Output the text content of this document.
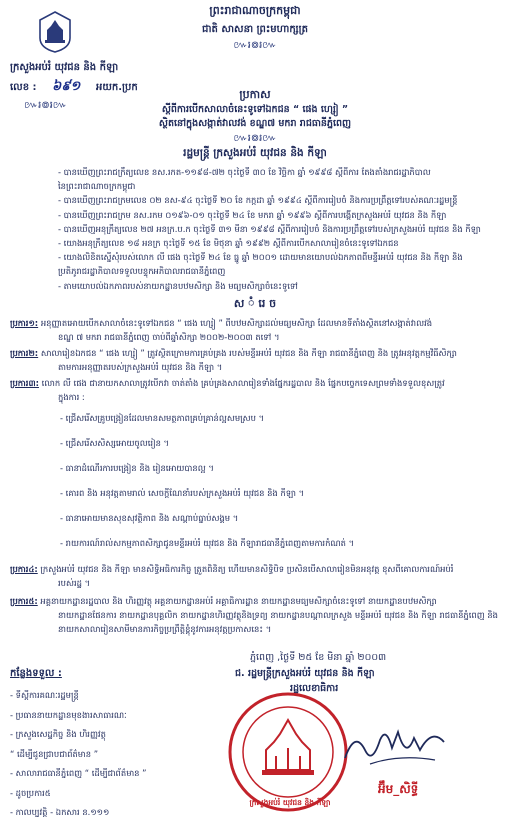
ព្រះរាជាណាចក្រកម្ពុជា
ជាតិ សាសនា ព្រះមហាក្សត្រ
៚៛៙៛៚
ក្រសួងអប់រំ យុវជន និង កីឡា
លេខ : ៦៩១ អយក.ប្រក
៚៛៙៛៚
ប្រកាស
ស្តីពីការបើកសាលាចំនេះទូទៅឯកជន “ ផេង ហ្សៀ ”
ស្ថិតនៅក្នុងសង្កាត់វាលវង់ ខណ្ឌ៧ មករា រាជធានីភ្នំពេញ
៚៛៙៛៚
រដ្ឋមន្ត្រី ក្រសួងអប់រំ យុវជន និង កីឡា
- បានឃើញព្រះរាជក្រឹត្យលេខ នស.រកត-១១៩៨-៧២ ចុះថ្ងៃទី ៣០ ខែ វិច្ឆិកា ឆ្នាំ ១៩៩៨ ស្តីពីការ តែងតាំងរាជរដ្ឋាភិបាល
នៃព្រះរាជាណាចក្រកម្ពុជា
- បានឃើញព្រះរាជក្រមលេខ ០២ នស-៩៤ ចុះថ្ងៃទី ២០ ខែ កក្កដា ឆ្នាំ ១៩៩៤ ស្តីពីការរៀបចំ និងការប្រព្រឹត្តទៅរបស់គណៈរដ្ឋមន្ត្រី
- បានឃើញព្រះរាជក្រម នស.រកម ០១៩៦-០១ ចុះថ្ងៃទី ២៤ ខែ មករា ឆ្នាំ ១៩៩៦ ស្តីពីការបង្កើតក្រសួងអប់រំ យុវជន និង កីឡា
- បានឃើញអនុក្រឹត្យលេខ ២៧ អនក្រ.ប.ក ចុះថ្ងៃទី ៣១ មីនា ១៩៩៨ ស្តីពីការរៀបចំ និងការប្រព្រឹត្តទៅរបស់ក្រសួងអប់រំ យុវជន និង កីឡា
- យោងអនុក្រឹត្យលេខ ១៨ អនក្រ ចុះថ្ងៃទី ១៥ ខែ មិថុនា ឆ្នាំ ១៩៩២ ស្តីពីការបើកសាលារៀនចំនេះទូទៅឯកជន
- យោងលិខិតស្នើសុំរបស់លោក លី ផេង ចុះថ្ងៃទី ២៤ ខែ ធ្នូ ឆ្នាំ ២០០១ ដោយមានយោបល់ឯកភាពពីមន្ទីរអប់រំ យុវជន និង កីឡា និង
ប្រតិភូរាជរដ្ឋាភិបាលទទួលបន្ទុកអភិបាលរាជធានីភ្នំពេញ
- តាមយោបល់ឯកភាពរបស់នាយកដ្ឋានបឋមសិក្សា និង មធ្យមសិក្សាចំនេះទូទៅ
ស ំ រេ ច
ប្រការ១: អនុញ្ញាតអោយបើកសាលាចំនេះទូទៅឯកជន “ ផេង ហ្សៀ ” ពីបឋមសិក្សាដល់មធ្យមសិក្សា ដែលមានទីតាំងស្ថិតនៅសង្កាត់វាលវង់
ខណ្ឌ ៧ មករា រាជធានីភ្នំពេញ ចាប់ពីឆ្នាំសិក្សា ២០០២-២០០៣ តទៅ ។
ប្រការ២: សាលារៀនឯកជន “ ផេង ហ្សៀ ” ត្រូវស្ថិតក្រោមការគ្រប់គ្រង របស់មន្ទីរអប់រំ យុវជន និង កីឡា រាជធានីភ្នំពេញ និង ត្រូវអនុវត្តកម្មវិធីសិក្សា
តាមការអនុញ្ញាតរបស់ក្រសួងអប់រំ យុវជន និង កីឡា ។
ប្រការ៣: លោក លី ផេង ជានាយកសាលាត្រូវបើកវា ចាត់តាំង គ្រប់គ្រងសាលារៀនទាំងផ្នែករដ្ឋបាល និង ផ្នែកបច្ចេកទេសព្រមទាំងទទួលខុសត្រូវ
ក្នុងការ :
- ជ្រើសរើសគ្រូបង្រៀនដែលមានសមត្ថភាពគ្រប់គ្រាន់ល្អសមស្រប ។
- ជ្រើសរើសសិស្សអោយចូលរៀន ។
- ធានាដំណើរការបង្រៀន និង រៀនអោយបានល្អ ។
- គោរព និង អនុវត្តតាមរាល់ សេចក្តីណែនាំរបស់ក្រសួងអប់រំ យុវជន និង កីឡា ។
- ធានាអោយមានសុខសុវត្ថិភាព និង សណ្តាប់ធ្នាប់សង្គម ។
- រាយការណ៍រាល់សកម្មភាពសិក្សាជូនមន្ទីរអប់រំ យុវជន និង កីឡារាជធានីភ្នំពេញតាមការកំណត់ ។
ប្រការ៤: ក្រសួងអប់រំ យុវជន និង កីឡា មានសិទ្ធិអធិការកិច្ច ត្រួតពិនិត្យ ហើយមានសិទ្ធិបិទ ប្រសិនបើសាលារៀនមិនអនុវត្ត ខុសពីគោលការណ៍អប់រំ
របស់រដ្ឋ ។
ប្រការ៥: អគ្គនាយកដ្ឋានរដ្ឋបាល និង ហិរញ្ញវត្ថុ អគ្គនាយកដ្ឋានអប់រំ អគ្គាធិការដ្ឋាន នាយកដ្ឋានមធ្យមសិក្សាចំនេះទូទៅ នាយកដ្ឋានបឋមសិក្សា
នាយកដ្ឋានផែនការ នាយកដ្ឋានបុគ្គលិក នាយកដ្ឋានហិរញ្ញវត្ថុនិងទ្រព្យ នាយកដ្ឋានបណ្តាលក្រសួង មន្ទីរអប់រំ យុវជន និង កីឡា រាជធានីភ្នំពេញ និង
នាយកសាលារៀនសាមីមានភារកិច្ចប្រព្រឹត្តិខ្ពុំនូវការអនុវត្តប្រកាសនេះ ។
ភ្នំពេញ ,ថ្ងៃទី ២៥ ខែ មិនា ឆ្នាំ ២០០៣
កន្លែងទទួល :
- ទីស្តីការគណៈរដ្ឋមន្ត្រី
- ប្រធាននាយកដ្ឋានមុខងារសាធារណៈ
- ក្រសួងសេដ្ឋកិច្ច និង ហិរញ្ញវត្ថុ
“ ដើម្បីជូនជ្រាបជាព័ត៌មាន ”
- សាលារាជធានីភ្នំពេញ “ ដើម្បីជាព័ត៌មាន ”
- ដូចប្រការ៥
- កាលប្បវត្តិ - ឯកសារ ន.១១១
ជ. រដ្ឋមន្ត្រីក្រសួងអប់រំ យុវជន និង កីឡា
រដ្ឋលេខាធិការ
ក្រសួងអប់រំ យុវជន និង កីឡា
អ៊ឹម_សិទ្ធី
